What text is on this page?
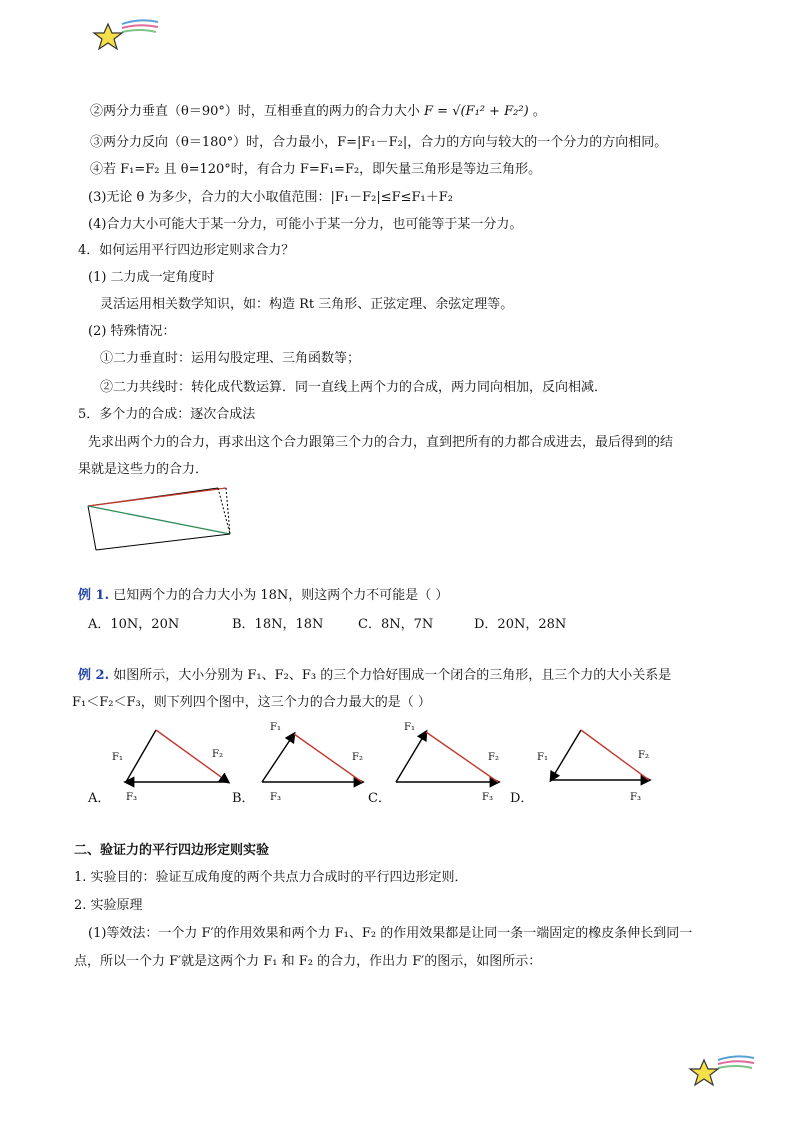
②两分力垂直（θ＝90°）时，互相垂直的两力的合力大小 F = √(F₁² + F₂²) 。
③两分力反向（θ＝180°）时，合力最小，F=|F₁－F₂|，合力的方向与较大的一个分力的方向相同。
④若 F₁=F₂ 且 θ=120°时，有合力 F=F₁=F₂，即矢量三角形是等边三角形。
(3)无论 θ 为多少，合力的大小取值范围：|F₁－F₂|≤F≤F₁＋F₂
(4)合力大小可能大于某一分力，可能小于某一分力，也可能等于某一分力。
4．如何运用平行四边形定则求合力？
(1) 二力成一定角度时
灵活运用相关数学知识，如：构造 Rt 三角形、正弦定理、余弦定理等。
(2) 特殊情况：
①二力垂直时：运用勾股定理、三角函数等；
②二力共线时：转化成代数运算．同一直线上两个力的合成，两力同向相加，反向相减．
5．多个力的合成：逐次合成法
先求出两个力的合力，再求出这个合力跟第三个力的合力，直到把所有的力都合成进去，最后得到的结
果就是这些力的合力．
例 1. 已知两个力的合力大小为 18N，则这两个力不可能是（ ）
A．10N，20N	B．18N，18N	C．8N，7N	D．20N，28N
例 2. 如图所示，大小分别为 F₁、F₂、F₃ 的三个力恰好围成一个闭合的三角形，且三个力的大小关系是
F₁＜F₂＜F₃，则下列四个图中，这三个力的合力最大的是（ ）
F₁	F₂
F₃
A．
F₁
F₂
F₃
B．
F₁
F₂
F₃
C．
F₁	F₂
F₃
D．
二、验证力的平行四边形定则实验
1. 实验目的：验证互成角度的两个共点力合成时的平行四边形定则．
2. 实验原理
(1)等效法：一个力 F′的作用效果和两个力 F₁、F₂ 的作用效果都是让同一条一端固定的橡皮条伸长到同一
点，所以一个力 F′就是这两个力 F₁ 和 F₂ 的合力，作出力 F′的图示，如图所示：
